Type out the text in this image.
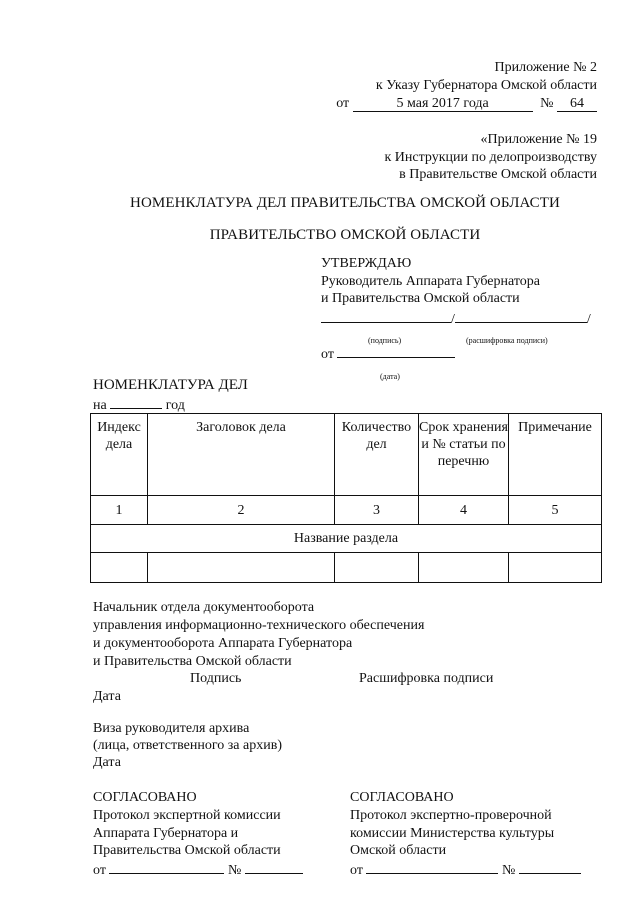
Приложение № 2
к Указу Губернатора Омской области
от	5 мая 2017 года	№ 64
«Приложение № 19
к Инструкции по делопроизводству
в Правительстве Омской области
НОМЕНКЛАТУРА ДЕЛ ПРАВИТЕЛЬСТВА ОМСКОЙ ОБЛАСТИ
ПРАВИТЕЛЬСТВО ОМСКОЙ ОБЛАСТИ
УТВЕРЖДАЮ
Руководитель Аппарата Губернатора
и Правительства Омской области
/	/
(подпись)	(расшифровка подписи)
от
(дата)
НОМЕНКЛАТУРА ДЕЛ
на	год
Индекс дела	Заголовок дела	Количество дел	Срок хранения и № статьи по перечню	Примечание
1	2	3	4	5
Название раздела				

Начальник отдела документооборота
управления информационно-технического обеспечения
и документооборота Аппарата Губернатора
и Правительства Омской области
Подпись	Расшифровка подписи
Дата
Виза руководителя архива
(лица, ответственного за архив)
Дата
СОГЛАСОВАНО
Протокол экспертной комиссии
Аппарата Губернатора и
Правительства Омской области
от	№
СОГЛАСОВАНО
Протокол экспертно-проверочной
комиссии Министерства культуры
Омской области
от	№
